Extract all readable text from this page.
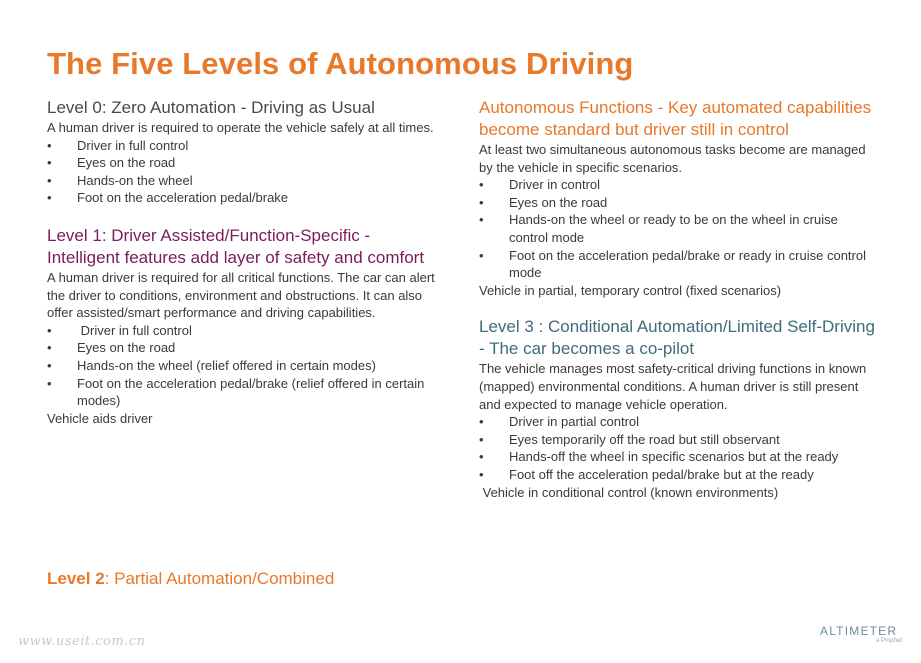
The Five Levels of Autonomous Driving

Level 0: Zero Automation - Driving as Usual

A human driver is required to operate the vehicle safely at all times.

•	Driver in full control
•	Eyes on the road
•	Hands-on the wheel
•	Foot on the acceleration pedal/brake

Level 1: Driver Assisted/Function-Specific - Intelligent features add layer of safety and comfort

A human driver is required for all critical functions. The car can alert the driver to conditions, environment and obstructions. It can also offer assisted/smart performance and driving capabilities.

•	Driver in full control
•	Eyes on the road
•	Hands-on the wheel (relief offered in certain modes)
•	Foot on the acceleration pedal/brake (relief offered in certain modes)

Vehicle aids driver

Autonomous Functions - Key automated capabilities become standard but driver still in control

At least two simultaneous autonomous tasks become are managed by the vehicle in specific scenarios.

•	Driver in control
•	Eyes on the road
•	Hands-on the wheel or ready to be on the wheel in cruise control mode
•	Foot on the acceleration pedal/brake or ready in cruise control mode

Vehicle in partial, temporary control (fixed scenarios)

Level 3 : Conditional Automation/Limited Self-Driving - The car becomes a co-pilot

The vehicle manages most safety-critical driving functions in known (mapped) environmental conditions. A human driver is still present and expected to manage vehicle operation.

•	Driver in partial control
•	Eyes temporarily off the road but still observant
•	Hands-off the wheel in specific scenarios but at the ready
•	Foot off the acceleration pedal/brake but at the ready

Vehicle in conditional control (known environments)

Level 2: Partial Automation/Combined
www.useit.com.cn
ALTIMETER
a Prophet
